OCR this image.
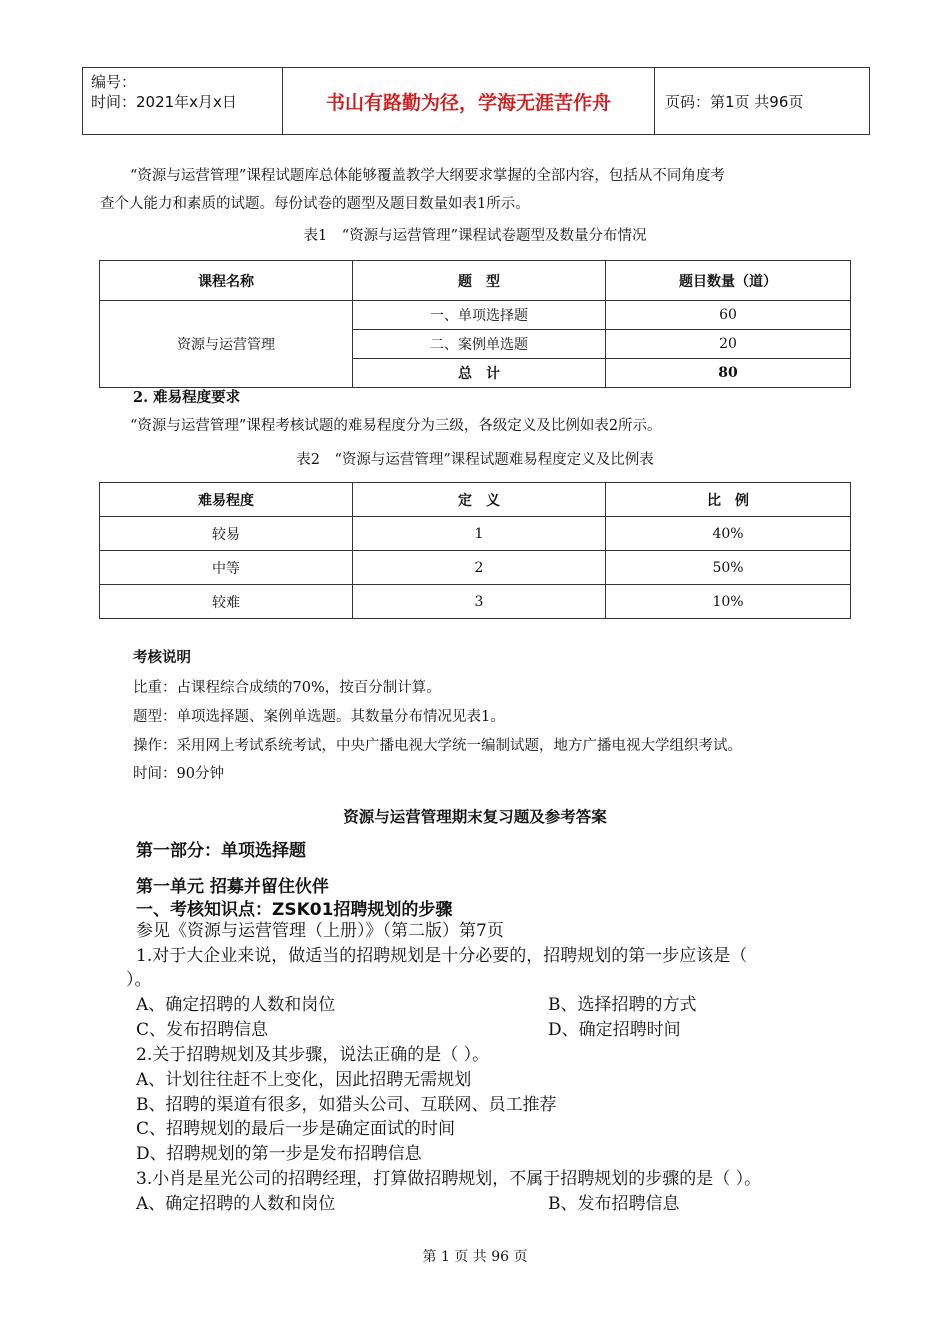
编号：
时间：2021年x月x日	书山有路勤为径，学海无涯苦作舟	页码：第1页 共96页
“资源与运营管理”课程试题库总体能够覆盖教学大纲要求掌握的全部内容，包括从不同角度考
查个人能力和素质的试题。每份试卷的题型及题目数量如表1所示。
表1　“资源与运营管理”课程试卷题型及数量分布情况
课程名称	题　型	题目数量（道）
资源与运营管理	一、单项选择题	60
	二、案例单选题	20
	总　计	80
2. 难易程度要求
“资源与运营管理”课程考核试题的难易程度分为三级，各级定义及比例如表2所示。
表2　“资源与运营管理”课程试题难易程度定义及比例表
难易程度	定　义	比　例
较易	1	40%
中等	2	50%
较难	3	10%
考核说明
比重：占课程综合成绩的70%，按百分制计算。
题型：单项选择题、案例单选题。其数量分布情况见表1。
操作：采用网上考试系统考试，中央广播电视大学统一编制试题，地方广播电视大学组织考试。
时间：90分钟
资源与运营管理期末复习题及参考答案
第一部分：单项选择题
第一单元 招募并留住伙伴
一、考核知识点：ZSK01招聘规划的步骤
参见《资源与运营管理（上册）》（第二版）第7页
1.对于大企业来说，做适当的招聘规划是十分必要的，招聘规划的第一步应该是（
）。
A、确定招聘的人数和岗位	B、选择招聘的方式
C、发布招聘信息	D、确定招聘时间
2.关于招聘规划及其步骤，说法正确的是（ ）。
A、计划往往赶不上变化，因此招聘无需规划
B、招聘的渠道有很多，如猎头公司、互联网、员工推荐
C、招聘规划的最后一步是确定面试的时间
D、招聘规划的第一步是发布招聘信息
3.小肖是星光公司的招聘经理，打算做招聘规划，不属于招聘规划的步骤的是（ ）。
A、确定招聘的人数和岗位	B、发布招聘信息
第 1 页 共 96 页
